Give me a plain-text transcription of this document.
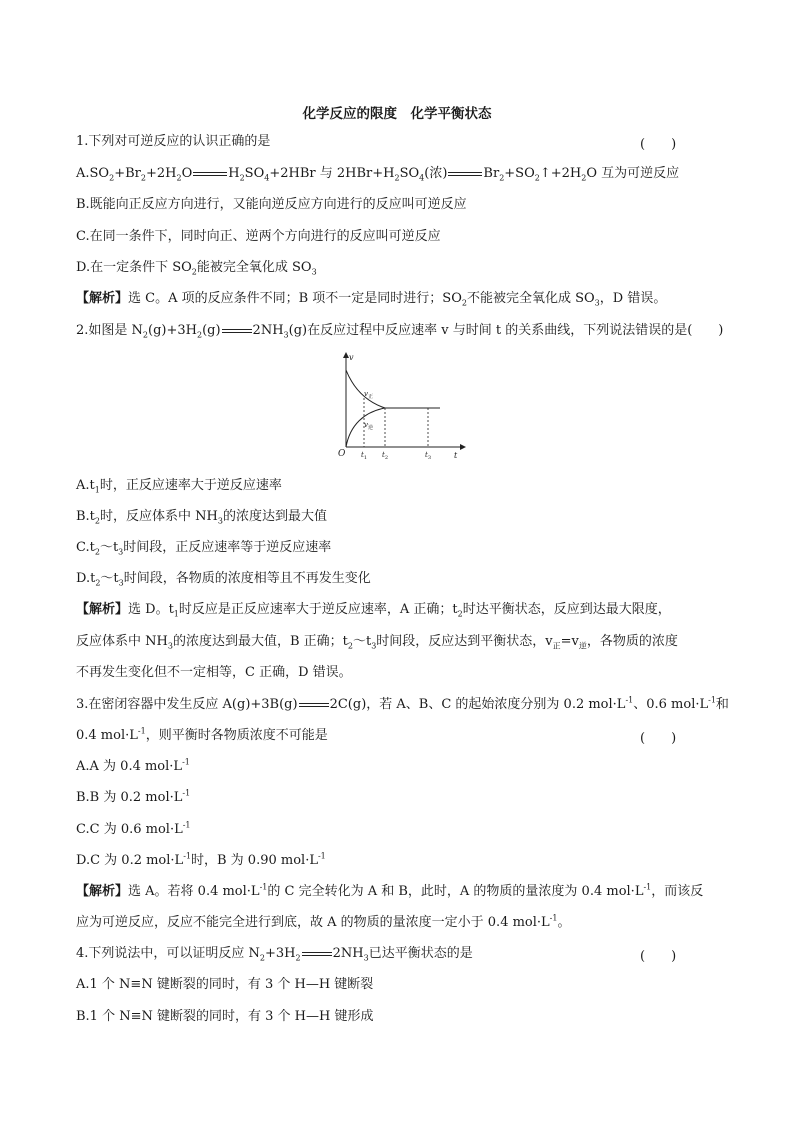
化学反应的限度　化学平衡状态
1.下列对可逆反应的认识正确的是	(　　)
$A.SO_2+Br_2+2H_2O$	$H_2SO_4+2HBr$ 与 $2HBr+H_2SO_4$(浓)	$Br_2+SO_2↑+2H_2O$ 互为可逆反应
B.既能向正反应方向进行，又能向逆反应方向进行的反应叫可逆反应
C.在同一条件下，同时向正、逆两个方向进行的反应叫可逆反应
D.在一定条件下 $SO_2$能被完全氧化成 $SO_3$
【解析】选 C。A 项的反应条件不同；B 项不一定是同时进行；$SO_2$不能被完全氧化成 $SO_3$，D 错误。
2.如图是 $N_2(g)+3H_2(g)$ $2NH_3(g)$在反应过程中反应速率 v 与时间 t 的关系曲线，下列说法错误的是(　　)
v
t
O
$v_正$
$v_逆$
$t_1$ $t_2$	$t_3$
$A.t_1$时，正反应速率大于逆反应速率
$B.t_2$时，反应体系中 $NH_3$的浓度达到最大值
$C.t_2\sim t_3$时间段，正反应速率等于逆反应速率
$D.t_2\sim t_3$时间段，各物质的浓度相等且不再发生变化
【解析】选 D。$t_1$时反应是正反应速率大于逆反应速率，A 正确；$t_2$时达平衡状态，反应到达最大限度，
反应体系中 $NH_3$的浓度达到最大值，B 正确；$t_2\sim t_3$时间段，反应达到平衡状态，$v_正=v_逆$，各物质的浓度
不再发生变化但不一定相等，C 正确，D 错误。
3.在密闭容器中发生反应 A(g)+3B(g) 2C(g)，若 A、B、C 的起始浓度分别为 0.2 $mol\cdot L^{-1}$、0.6 $mol\cdot L^{-1}$和
0.4 $mol\cdot L^{-1}$，则平衡时各物质浓度不可能是	(　　)
A.A 为 0.4 $mol\cdot L^{-1}$
B.B 为 0.2 $mol\cdot L^{-1}$
C.C 为 0.6 $mol\cdot L^{-1}$
D.C 为 0.2 $mol\cdot L^{-1}$时，B 为 0.90 $mol\cdot L^{-1}$
【解析】选 A。若将 0.4 $mol\cdot L^{-1}$的 C 完全转化为 A 和 B，此时，A 的物质的量浓度为 0.4 $mol\cdot L^{-1}$，而该反
应为可逆反应，反应不能完全进行到底，故 A 的物质的量浓度一定小于 0.4 $mol\cdot L^{-1}$。
4.下列说法中，可以证明反应 $N_2+3H_2$ $2NH_3$已达平衡状态的是	(　　)
A.1 个 N≡N 键断裂的同时，有 3 个 H—H 键断裂
B.1 个 N≡N 键断裂的同时，有 3 个 H—H 键形成
